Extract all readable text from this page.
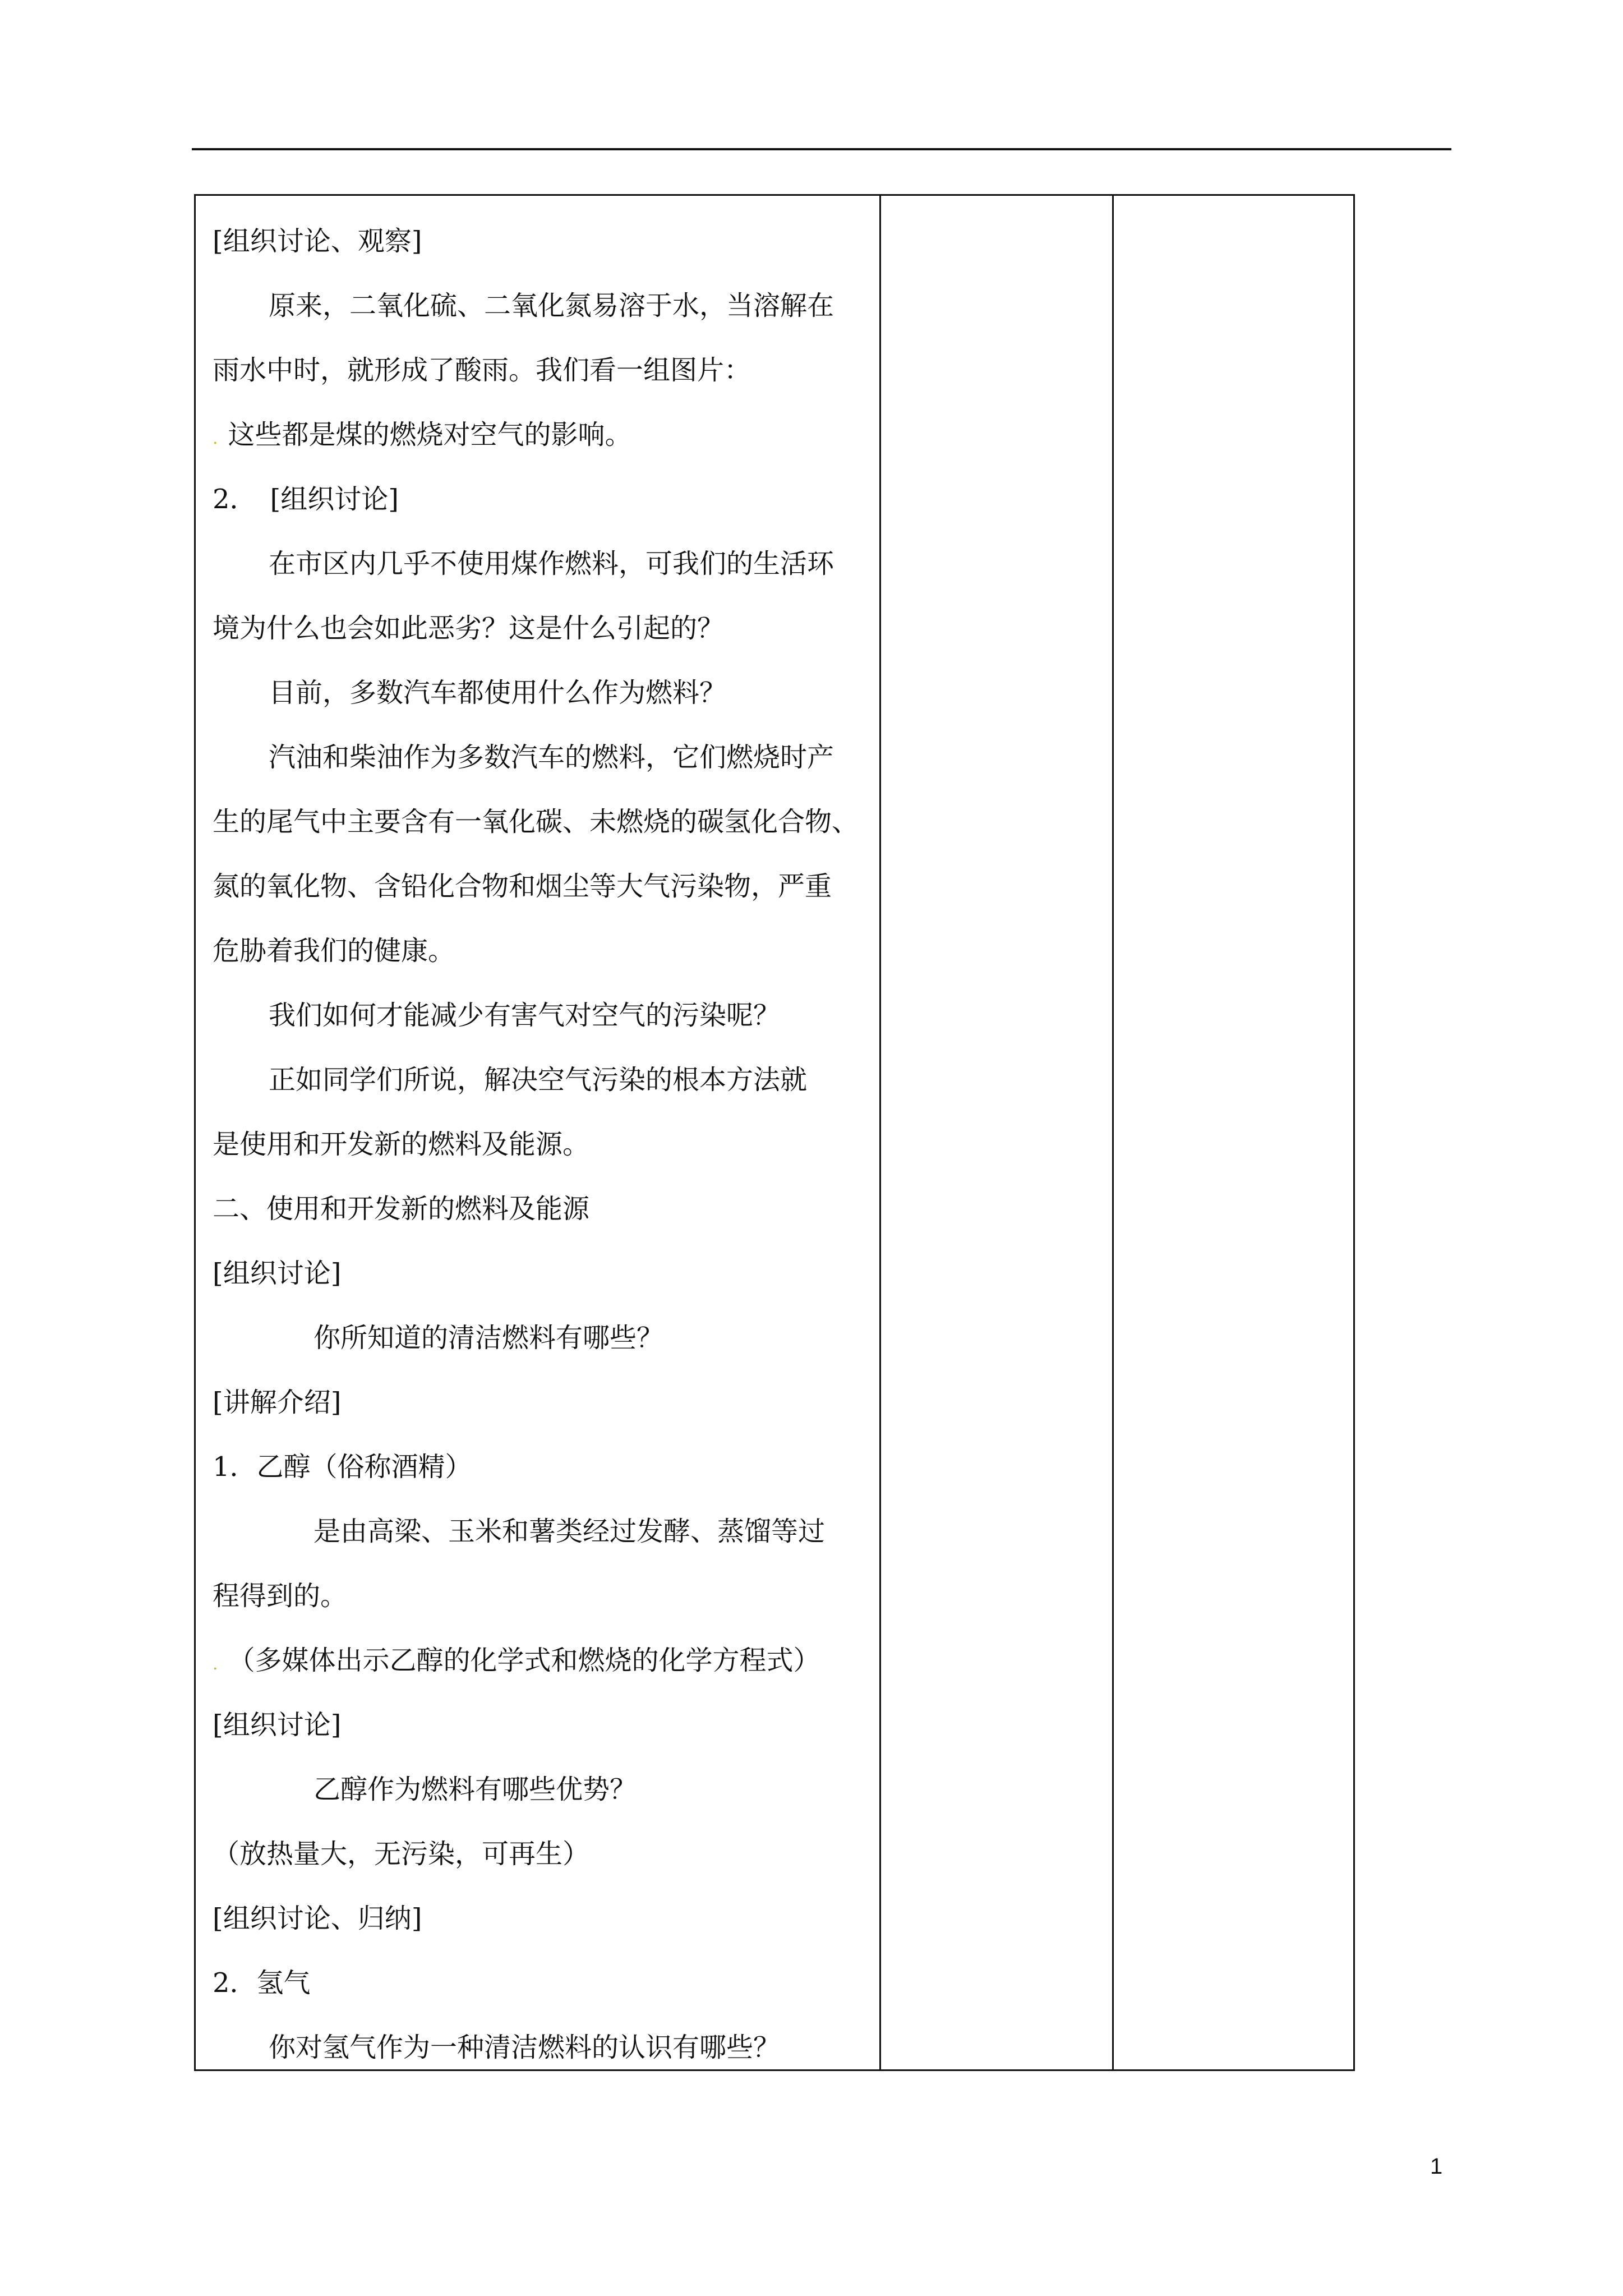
[组织讨论、观察]
原来，二氧化硫、二氧化氮易溶于水，当溶解在
雨水中时，就形成了酸雨。我们看一组图片：
. 这些都是煤的燃烧对空气的影响。
2．　[组织讨论]
在市区内几乎不使用煤作燃料，可我们的生活环
境为什么也会如此恶劣？这是什么引起的？
目前，多数汽车都使用什么作为燃料？
汽油和柴油作为多数汽车的燃料，它们燃烧时产
生的尾气中主要含有一氧化碳、未燃烧的碳氢化合物、
氮的氧化物、含铅化合物和烟尘等大气污染物，严重
危胁着我们的健康。
我们如何才能减少有害气对空气的污染呢？
正如同学们所说，解决空气污染的根本方法就
是使用和开发新的燃料及能源。
二、使用和开发新的燃料及能源
[组织讨论]
你所知道的清洁燃料有哪些？
[讲解介绍]
1．乙醇（俗称酒精）
是由高梁、玉米和薯类经过发酵、蒸馏等过
程得到的。
. （多媒体出示乙醇的化学式和燃烧的化学方程式）
[组织讨论]
乙醇作为燃料有哪些优势？
（放热量大，无污染，可再生）
[组织讨论、归纳]
2．氢气
你对氢气作为一种清洁燃料的认识有哪些？
1
